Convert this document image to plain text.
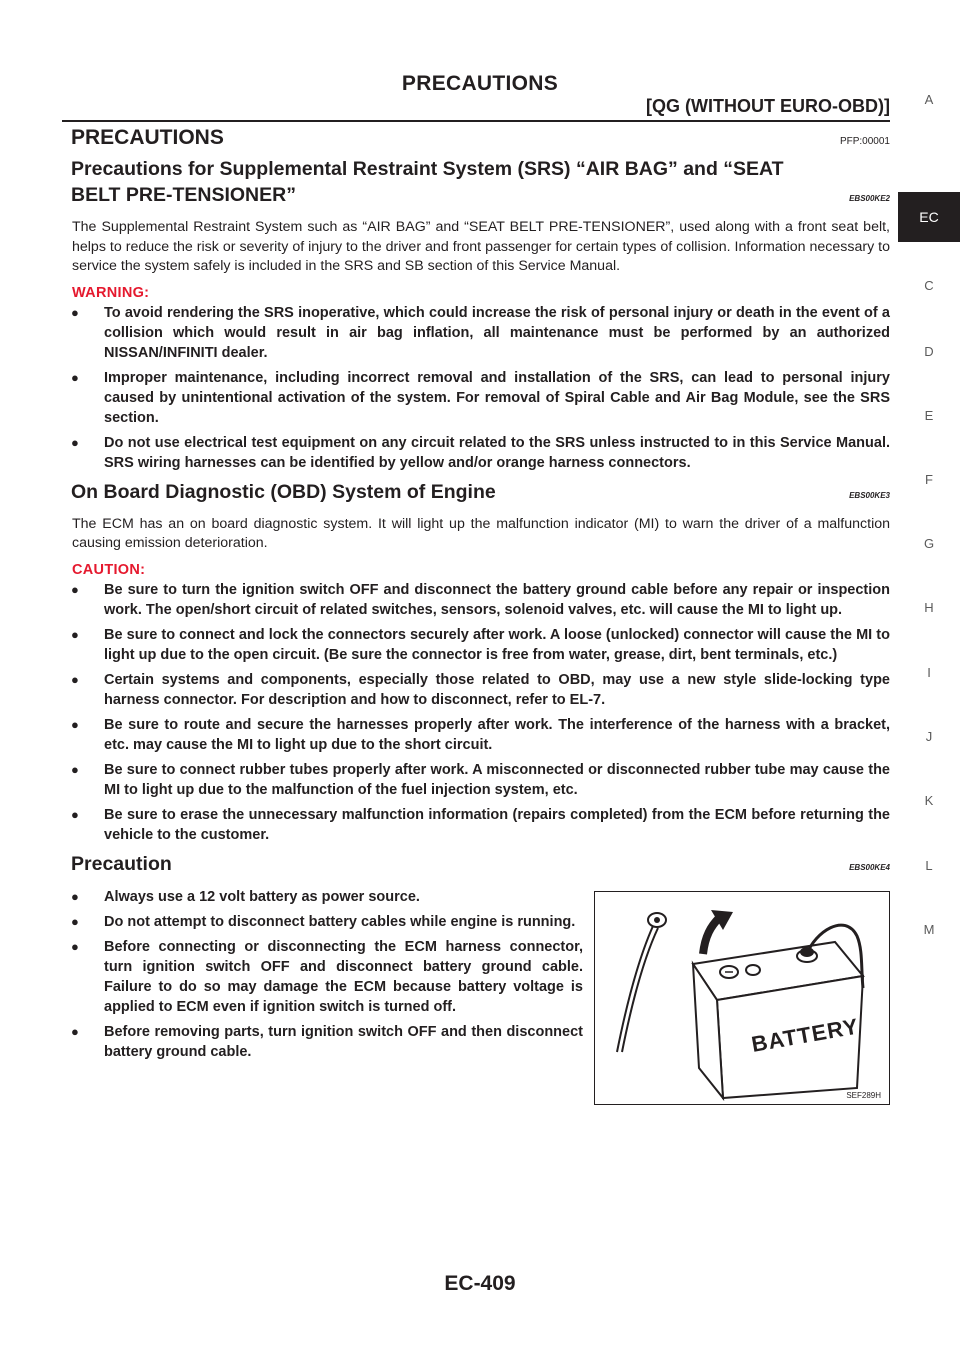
PRECAUTIONS
[QG (WITHOUT EURO-OBD)]
PRECAUTIONS	PFP:00001
Precautions for Supplemental Restraint System (SRS) “AIR BAG” and “SEAT
BELT PRE-TENSIONER”	EBS00KE2
The Supplemental Restraint System such as “AIR BAG” and “SEAT BELT PRE-TENSIONER”, used along with a front seat belt, helps to reduce the risk or severity of injury to the driver and front passenger for certain types of collision. Information necessary to service the system safely is included in the SRS and SB section of this Service Manual.
WARNING:
● To avoid rendering the SRS inoperative, which could increase the risk of personal injury or death in the event of a collision which would result in air bag inflation, all maintenance must be performed by an authorized NISSAN/INFINITI dealer.
● Improper maintenance, including incorrect removal and installation of the SRS, can lead to personal injury caused by unintentional activation of the system. For removal of Spiral Cable and Air Bag Module, see the SRS section.
● Do not use electrical test equipment on any circuit related to the SRS unless instructed to in this Service Manual. SRS wiring harnesses can be identified by yellow and/or orange harness connectors.
On Board Diagnostic (OBD) System of Engine	EBS00KE3
The ECM has an on board diagnostic system. It will light up the malfunction indicator (MI) to warn the driver of a malfunction causing emission deterioration.
CAUTION:
● Be sure to turn the ignition switch OFF and disconnect the battery ground cable before any repair or inspection work. The open/short circuit of related switches, sensors, solenoid valves, etc. will cause the MI to light up.
● Be sure to connect and lock the connectors securely after work. A loose (unlocked) connector will cause the MI to light up due to the open circuit. (Be sure the connector is free from water, grease, dirt, bent terminals, etc.)
● Certain systems and components, especially those related to OBD, may use a new style slide-locking type harness connector. For description and how to disconnect, refer to EL-7.
● Be sure to route and secure the harnesses properly after work. The interference of the harness with a bracket, etc. may cause the MI to light up due to the short circuit.
● Be sure to connect rubber tubes properly after work. A misconnected or disconnected rubber tube may cause the MI to light up due to the malfunction of the fuel injection system, etc.
● Be sure to erase the unnecessary malfunction information (repairs completed) from the ECM before returning the vehicle to the customer.
Precaution	EBS00KE4
● Always use a 12 volt battery as power source.
● Do not attempt to disconnect battery cables while engine is running.
● Before connecting or disconnecting the ECM harness connector, turn ignition switch OFF and disconnect battery ground cable. Failure to do so may damage the ECM because battery voltage is applied to ECM even if ignition switch is turned off.
● Before removing parts, turn ignition switch OFF and then disconnect battery ground cable.	BATTERY
SEF289H
A
EC
C
D
E
F
G
H
I
J
K
L
M
EC-409
